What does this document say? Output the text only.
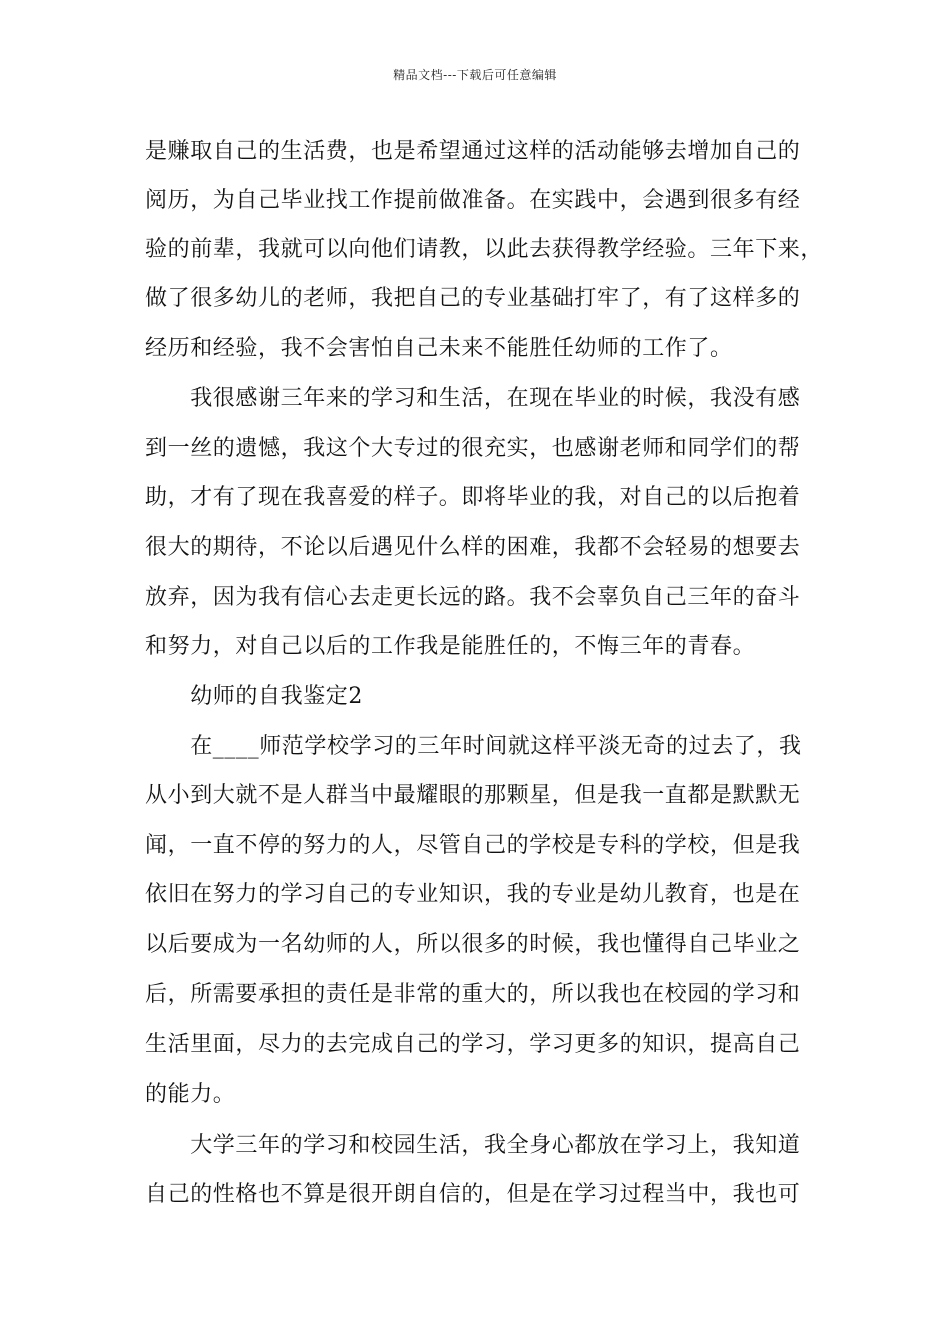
精品文档---下载后可任意编辑
是赚取自己的生活费，也是希望通过这样的活动能够去增加自己的
阅历，为自己毕业找工作提前做准备。在实践中，会遇到很多有经
验的前辈，我就可以向他们请教，以此去获得教学经验。三年下来，
做了很多幼儿的老师，我把自己的专业基础打牢了，有了这样多的
经历和经验，我不会害怕自己未来不能胜任幼师的工作了。
　　我很感谢三年来的学习和生活，在现在毕业的时候，我没有感
到一丝的遗憾，我这个大专过的很充实，也感谢老师和同学们的帮
助，才有了现在我喜爱的样子。即将毕业的我，对自己的以后抱着
很大的期待，不论以后遇见什么样的困难，我都不会轻易的想要去
放弃，因为我有信心去走更长远的路。我不会辜负自己三年的奋斗
和努力，对自己以后的工作我是能胜任的，不悔三年的青春。
　　幼师的自我鉴定2
　　在____师范学校学习的三年时间就这样平淡无奇的过去了，我
从小到大就不是人群当中最耀眼的那颗星，但是我一直都是默默无
闻，一直不停的努力的人，尽管自己的学校是专科的学校，但是我
依旧在努力的学习自己的专业知识，我的专业是幼儿教育，也是在
以后要成为一名幼师的人，所以很多的时候，我也懂得自己毕业之
后，所需要承担的责任是非常的重大的，所以我也在校园的学习和
生活里面，尽力的去完成自己的学习，学习更多的知识，提高自己
的能力。
　　大学三年的学习和校园生活，我全身心都放在学习上，我知道
自己的性格也不算是很开朗自信的，但是在学习过程当中，我也可
